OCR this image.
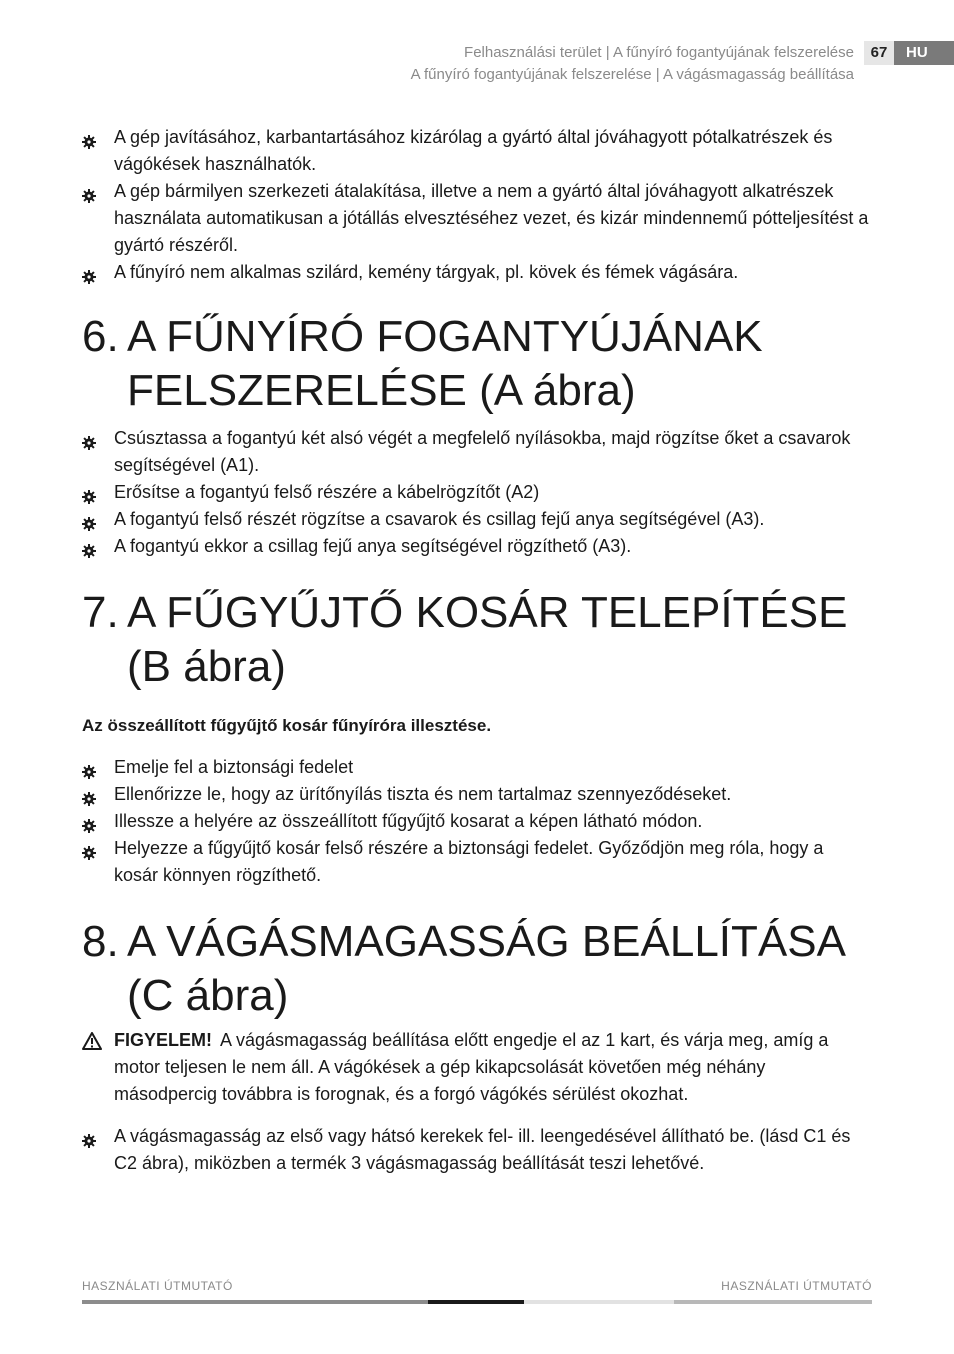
Felhasználási terület | A fűnyíró fogantyújának felszerelése
A fűnyíró fogantyújának felszerelése | A vágásmagasság beállítása
67	HU
A gép javításához, karbantartásához kizárólag a gyártó által jóváhagyott pótalkatrészek és vágókések használhatók.
A gép bármilyen szerkezeti átalakítása, illetve a nem a gyártó által jóváhagyott alkatrészek használata automatikusan a jótállás elvesztéséhez vezet, és kizár mindennemű pótteljesítést a gyártó részéről.
A fűnyíró nem alkalmas szilárd, kemény tárgyak, pl. kövek és fémek vágására.
6. A FŰNYÍRÓ FOGANTYÚJÁNAK FELSZERELÉSE (A ábra)
Csúsztassa a fogantyú két alsó végét a megfelelő nyílásokba, majd rögzítse őket a csavarok segítségével (A1).
Erősítse a fogantyú felső részére a kábelrögzítőt (A2)
A fogantyú felső részét rögzítse a csavarok és csillag fejű anya segítségével (A3).
A fogantyú ekkor a csillag fejű anya segítségével rögzíthető (A3).
7. A FŰGYŰJTŐ KOSÁR TELEPÍTÉSE (B ábra)
Az összeállított fűgyűjtő kosár fűnyíróra illesztése.
Emelje fel a biztonsági fedelet
Ellenőrizze le, hogy az ürítőnyílás tiszta és nem tartalmaz szennyeződéseket.
Illessze a helyére az összeállított fűgyűjtő kosarat a képen látható módon.
Helyezze a fűgyűjtő kosár felső részére a biztonsági fedelet. Győződjön meg róla, hogy a kosár könnyen rögzíthető.
8. A VÁGÁSMAGASSÁG BEÁLLÍTÁSA (C ábra)
FIGYELEM! A vágásmagasság beállítása előtt engedje el az 1 kart, és várja meg, amíg a motor teljesen le nem áll. A vágókések a gép kikapcsolását követően még néhány másodpercig továbbra is forognak, és a forgó vágókés sérülést okozhat.
A vágásmagasság az első vagy hátsó kerekek fel- ill. leengedésével állítható be. (lásd C1 és C2 ábra), miközben a termék 3 vágásmagasság beállítását teszi lehetővé.
HASZNÁLATI ÚTMUTATÓ	HASZNÁLATI ÚTMUTATÓ
